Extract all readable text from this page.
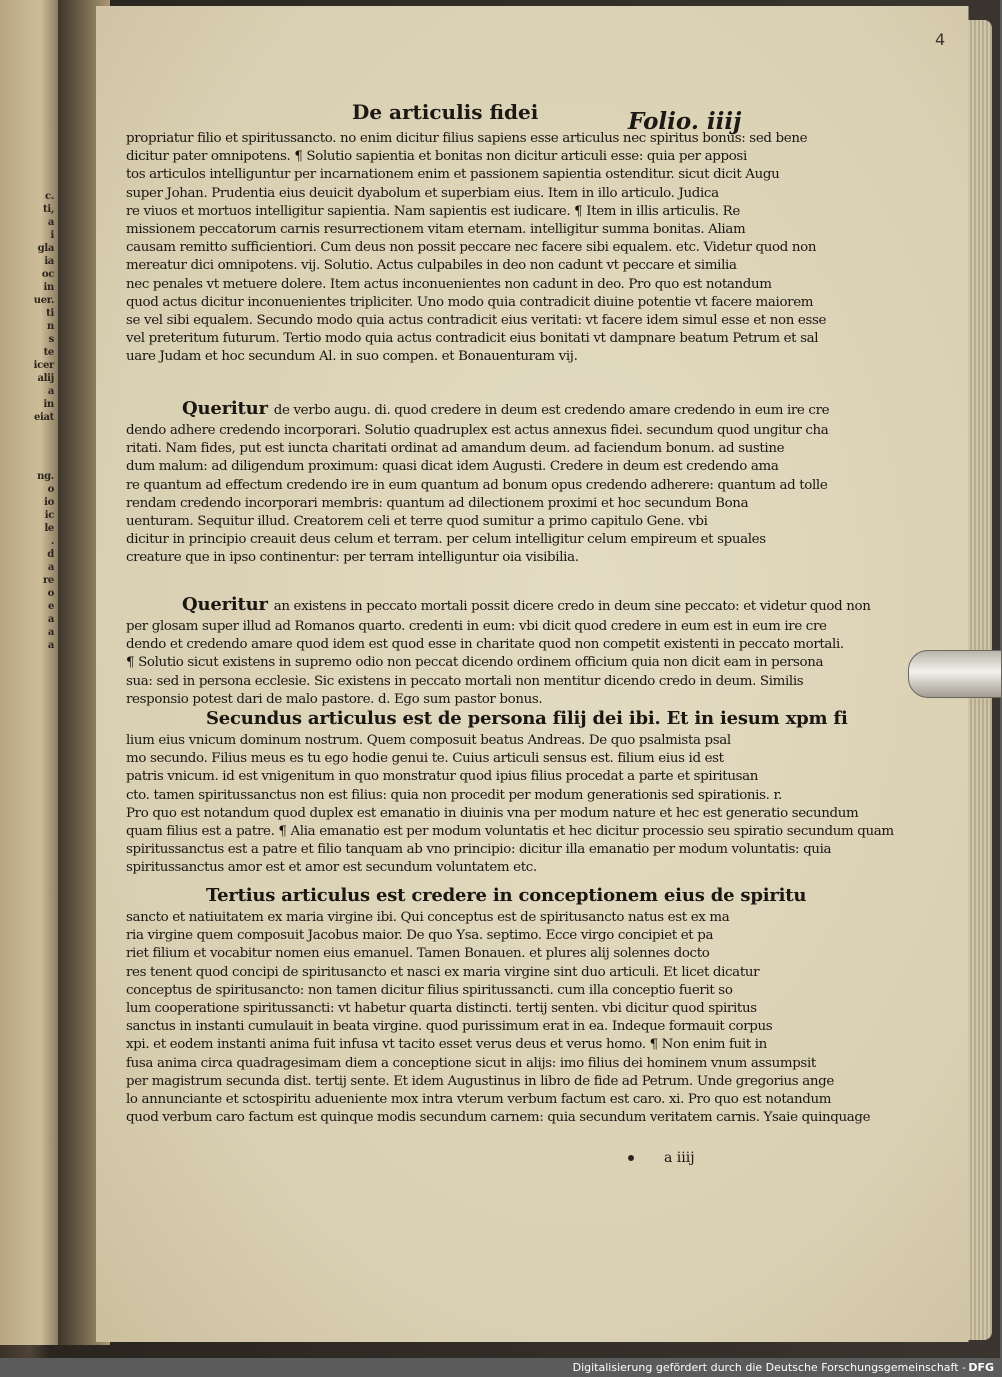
c.
ti,
a
i
gla
ia
oc
in
uer.
ti
n
s
te
icer
alij
a
in
eiat
ng.
o
io
ic
le
.
d
a
re
o
e
a
a
a
4
De articulis fidei	Folio. iiij
propriatur filio et spiritussancto. no enim dicitur filius sapiens esse articulus nec spiritus bonus: sed bene
dicitur pater omnipotens. ¶ Solutio sapientia et bonitas non dicitur articuli esse: quia per apposi
tos articulos intelliguntur per incarnationem enim et passionem sapientia ostenditur. sicut dicit Augu
super Johan. Prudentia eius deuicit dyabolum et superbiam eius. Item in illo articulo. Judica
re viuos et mortuos intelligitur sapientia. Nam sapientis est iudicare. ¶ Item in illis articulis. Re
missionem peccatorum carnis resurrectionem vitam eternam. intelligitur summa bonitas. Aliam
causam remitto sufficientiori. Cum deus non possit peccare nec facere sibi equalem. etc. Videtur quod non
mereatur dici omnipotens. vij. Solutio. Actus culpabiles in deo non cadunt vt peccare et similia
nec penales vt metuere dolere. Item actus inconuenientes non cadunt in deo. Pro quo est notandum
quod actus dicitur inconuenientes tripliciter. Uno modo quia contradicit diuine potentie vt facere maiorem
se vel sibi equalem. Secundo modo quia actus contradicit eius veritati: vt facere idem simul esse et non esse
vel preteritum futurum. Tertio modo quia actus contradicit eius bonitati vt dampnare beatum Petrum et sal
uare Judam et hoc secundum Al. in suo compen. et Bonauenturam vij.
Queritur de verbo augu. di. quod credere in deum est credendo amare credendo in eum ire cre
dendo adhere credendo incorporari. Solutio quadruplex est actus annexus fidei. secundum quod ungitur cha
ritati. Nam fides, put est iuncta charitati ordinat ad amandum deum. ad faciendum bonum. ad sustine
dum malum: ad diligendum proximum: quasi dicat idem Augusti. Credere in deum est credendo ama
re quantum ad effectum credendo ire in eum quantum ad bonum opus credendo adherere: quantum ad tolle
rendam credendo incorporari membris: quantum ad dilectionem proximi et hoc secundum Bona
uenturam. Sequitur illud. Creatorem celi et terre quod sumitur a primo capitulo Gene. vbi
dicitur in principio creauit deus celum et terram. per celum intelligitur celum empireum et spuales
creature que in ipso continentur: per terram intelliguntur oia visibilia.
Queritur an existens in peccato mortali possit dicere credo in deum sine peccato: et videtur quod non
per glosam super illud ad Romanos quarto. credenti in eum: vbi dicit quod credere in eum est in eum ire cre
dendo et credendo amare quod idem est quod esse in charitate quod non competit existenti in peccato mortali.
¶ Solutio sicut existens in supremo odio non peccat dicendo ordinem officium quia non dicit eam in persona
sua: sed in persona ecclesie. Sic existens in peccato mortali non mentitur dicendo credo in deum. Similis
responsio potest dari de malo pastore. d. Ego sum pastor bonus.
Secundus articulus est de persona filij dei ibi. Et in iesum xpm fi
lium eius vnicum dominum nostrum. Quem composuit beatus Andreas. De quo psalmista psal
mo secundo. Filius meus es tu ego hodie genui te. Cuius articuli sensus est. filium eius id est
patris vnicum. id est vnigenitum in quo monstratur quod ipius filius procedat a parte et spiritusan
cto. tamen spiritussanctus non est filius: quia non procedit per modum generationis sed spirationis. r.
Pro quo est notandum quod duplex est emanatio in diuinis vna per modum nature et hec est generatio secundum
quam filius est a patre. ¶ Alia emanatio est per modum voluntatis et hec dicitur processio seu spiratio secundum quam
spiritussanctus est a patre et filio tanquam ab vno principio: dicitur illa emanatio per modum voluntatis: quia
spiritussanctus amor est et amor est secundum voluntatem etc.
Tertius articulus est credere in conceptionem eius de spiritu
sancto et natiuitatem ex maria virgine ibi. Qui conceptus est de spiritusancto natus est ex ma
ria virgine quem composuit Jacobus maior. De quo Ysa. septimo. Ecce virgo concipiet et pa
riet filium et vocabitur nomen eius emanuel. Tamen Bonauen. et plures alij solennes docto
res tenent quod concipi de spiritusancto et nasci ex maria virgine sint duo articuli. Et licet dicatur
conceptus de spiritusancto: non tamen dicitur filius spiritussancti. cum illa conceptio fuerit so
lum cooperatione spiritussancti: vt habetur quarta distincti. tertij senten. vbi dicitur quod spiritus
sanctus in instanti cumulauit in beata virgine. quod purissimum erat in ea. Indeque formauit corpus
xpi. et eodem instanti anima fuit infusa vt tacito esset verus deus et verus homo. ¶ Non enim fuit in
fusa anima circa quadragesimam diem a conceptione sicut in alijs: imo filius dei hominem vnum assumpsit
per magistrum secunda dist. tertij sente. Et idem Augustinus in libro de fide ad Petrum. Unde gregorius ange
lo annunciante et sctospiritu adueniente mox intra vterum verbum factum est caro. xi. Pro quo est notandum
quod verbum caro factum est quinque modis secundum carnem: quia secundum veritatem carnis. Ysaie quinquage
a iiij
Digitalisierung gefördert durch die Deutsche Forschungsgemeinschaft - DFG
